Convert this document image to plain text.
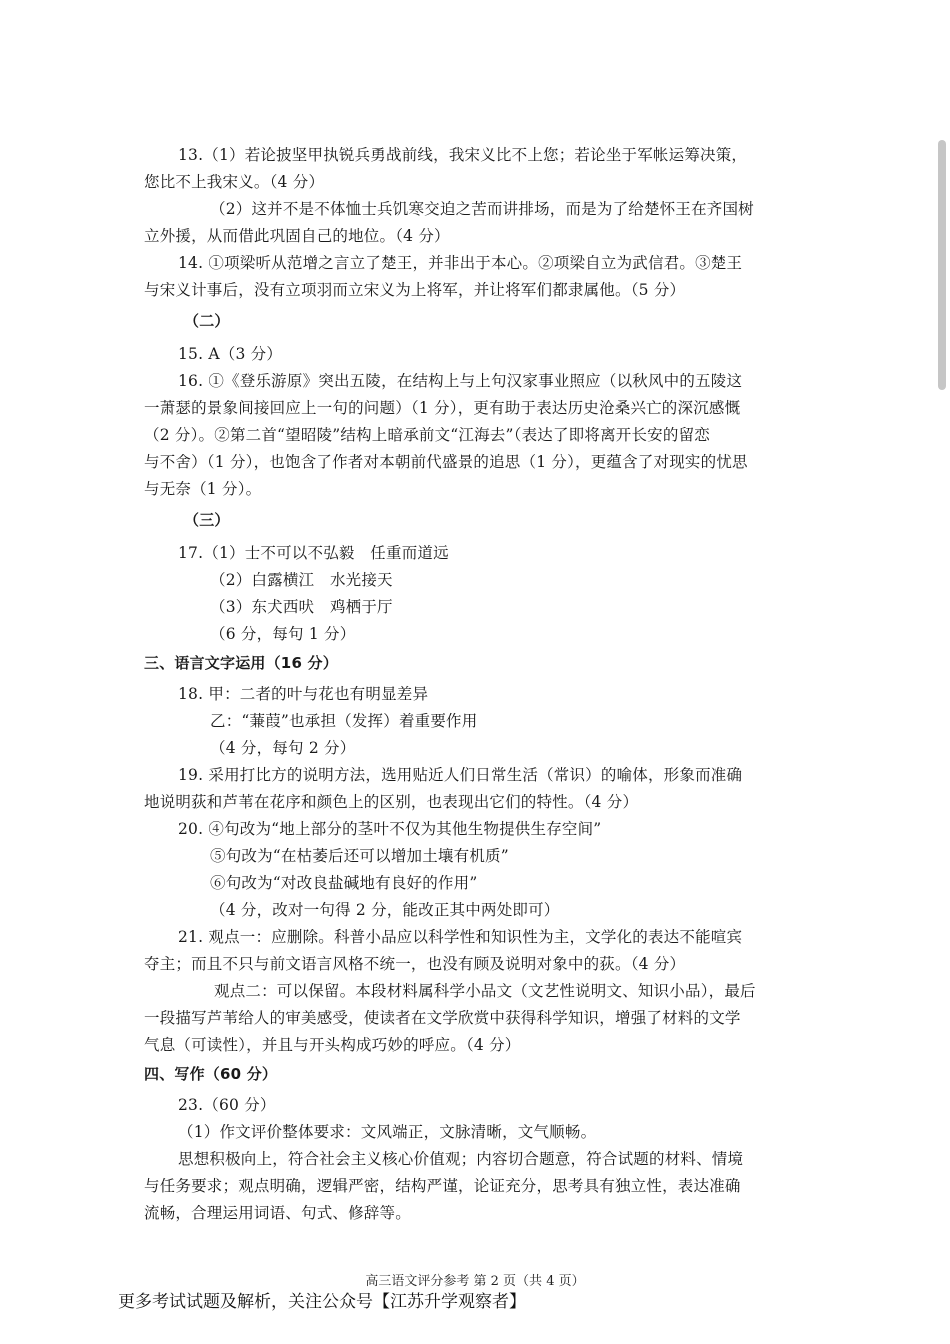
13.（1）若论披坚甲执锐兵勇战前线，我宋义比不上您；若论坐于军帐运筹决策，

您比不上我宋义。（4 分）

（2）这并不是不体恤士兵饥寒交迫之苦而讲排场，而是为了给楚怀王在齐国树

立外援，从而借此巩固自己的地位。（4 分）

14. ①项梁听从范增之言立了楚王，并非出于本心。②项梁自立为武信君。③楚王

与宋义计事后，没有立项羽而立宋义为上将军，并让将军们都隶属他。（5 分）

（二）

15. A（3 分）

16. ①《登乐游原》突出五陵，在结构上与上句汉家事业照应（以秋风中的五陵这

一萧瑟的景象间接回应上一句的问题）（1 分），更有助于表达历史沧桑兴亡的深沉感慨

（2 分）。②第二首“望昭陵”结构上暗承前文“江海去”（表达了即将离开长安的留恋

与不舍）（1 分），也饱含了作者对本朝前代盛景的追思（1 分），更蕴含了对现实的忧思

与无奈（1 分）。

（三）

17.（1）士不可以不弘毅　任重而道远

（2）白露横江　水光接天

（3）东犬西吠　鸡栖于厅

（6 分，每句 1 分）

三、语言文字运用（16 分）

18. 甲：二者的叶与花也有明显差异

乙：“蒹葭”也承担（发挥）着重要作用

（4 分，每句 2 分）

19. 采用打比方的说明方法，选用贴近人们日常生活（常识）的喻体，形象而准确

地说明荻和芦苇在花序和颜色上的区别，也表现出它们的特性。（4 分）

20. ④句改为“地上部分的茎叶不仅为其他生物提供生存空间”

⑤句改为“在枯萎后还可以增加土壤有机质”

⑥句改为“对改良盐碱地有良好的作用”

（4 分，改对一句得 2 分，能改正其中两处即可）

21. 观点一：应删除。科普小品应以科学性和知识性为主，文学化的表达不能喧宾

夺主；而且不只与前文语言风格不统一，也没有顾及说明对象中的荻。（4 分）

观点二：可以保留。本段材料属科学小品文（文艺性说明文、知识小品），最后

一段描写芦苇给人的审美感受，使读者在文学欣赏中获得科学知识，增强了材料的文学

气息（可读性），并且与开头构成巧妙的呼应。（4 分）

四、写作（60 分）

23.（60 分）

（1）作文评价整体要求：文风端正，文脉清晰，文气顺畅。

思想积极向上，符合社会主义核心价值观；内容切合题意，符合试题的材料、情境

与任务要求；观点明确，逻辑严密，结构严谨，论证充分，思考具有独立性，表达准确

流畅，合理运用词语、句式、修辞等。

高三语文评分参考 第 2 页（共 4 页）
更多考试试题及解析，关注公众号【江苏升学观察者】
